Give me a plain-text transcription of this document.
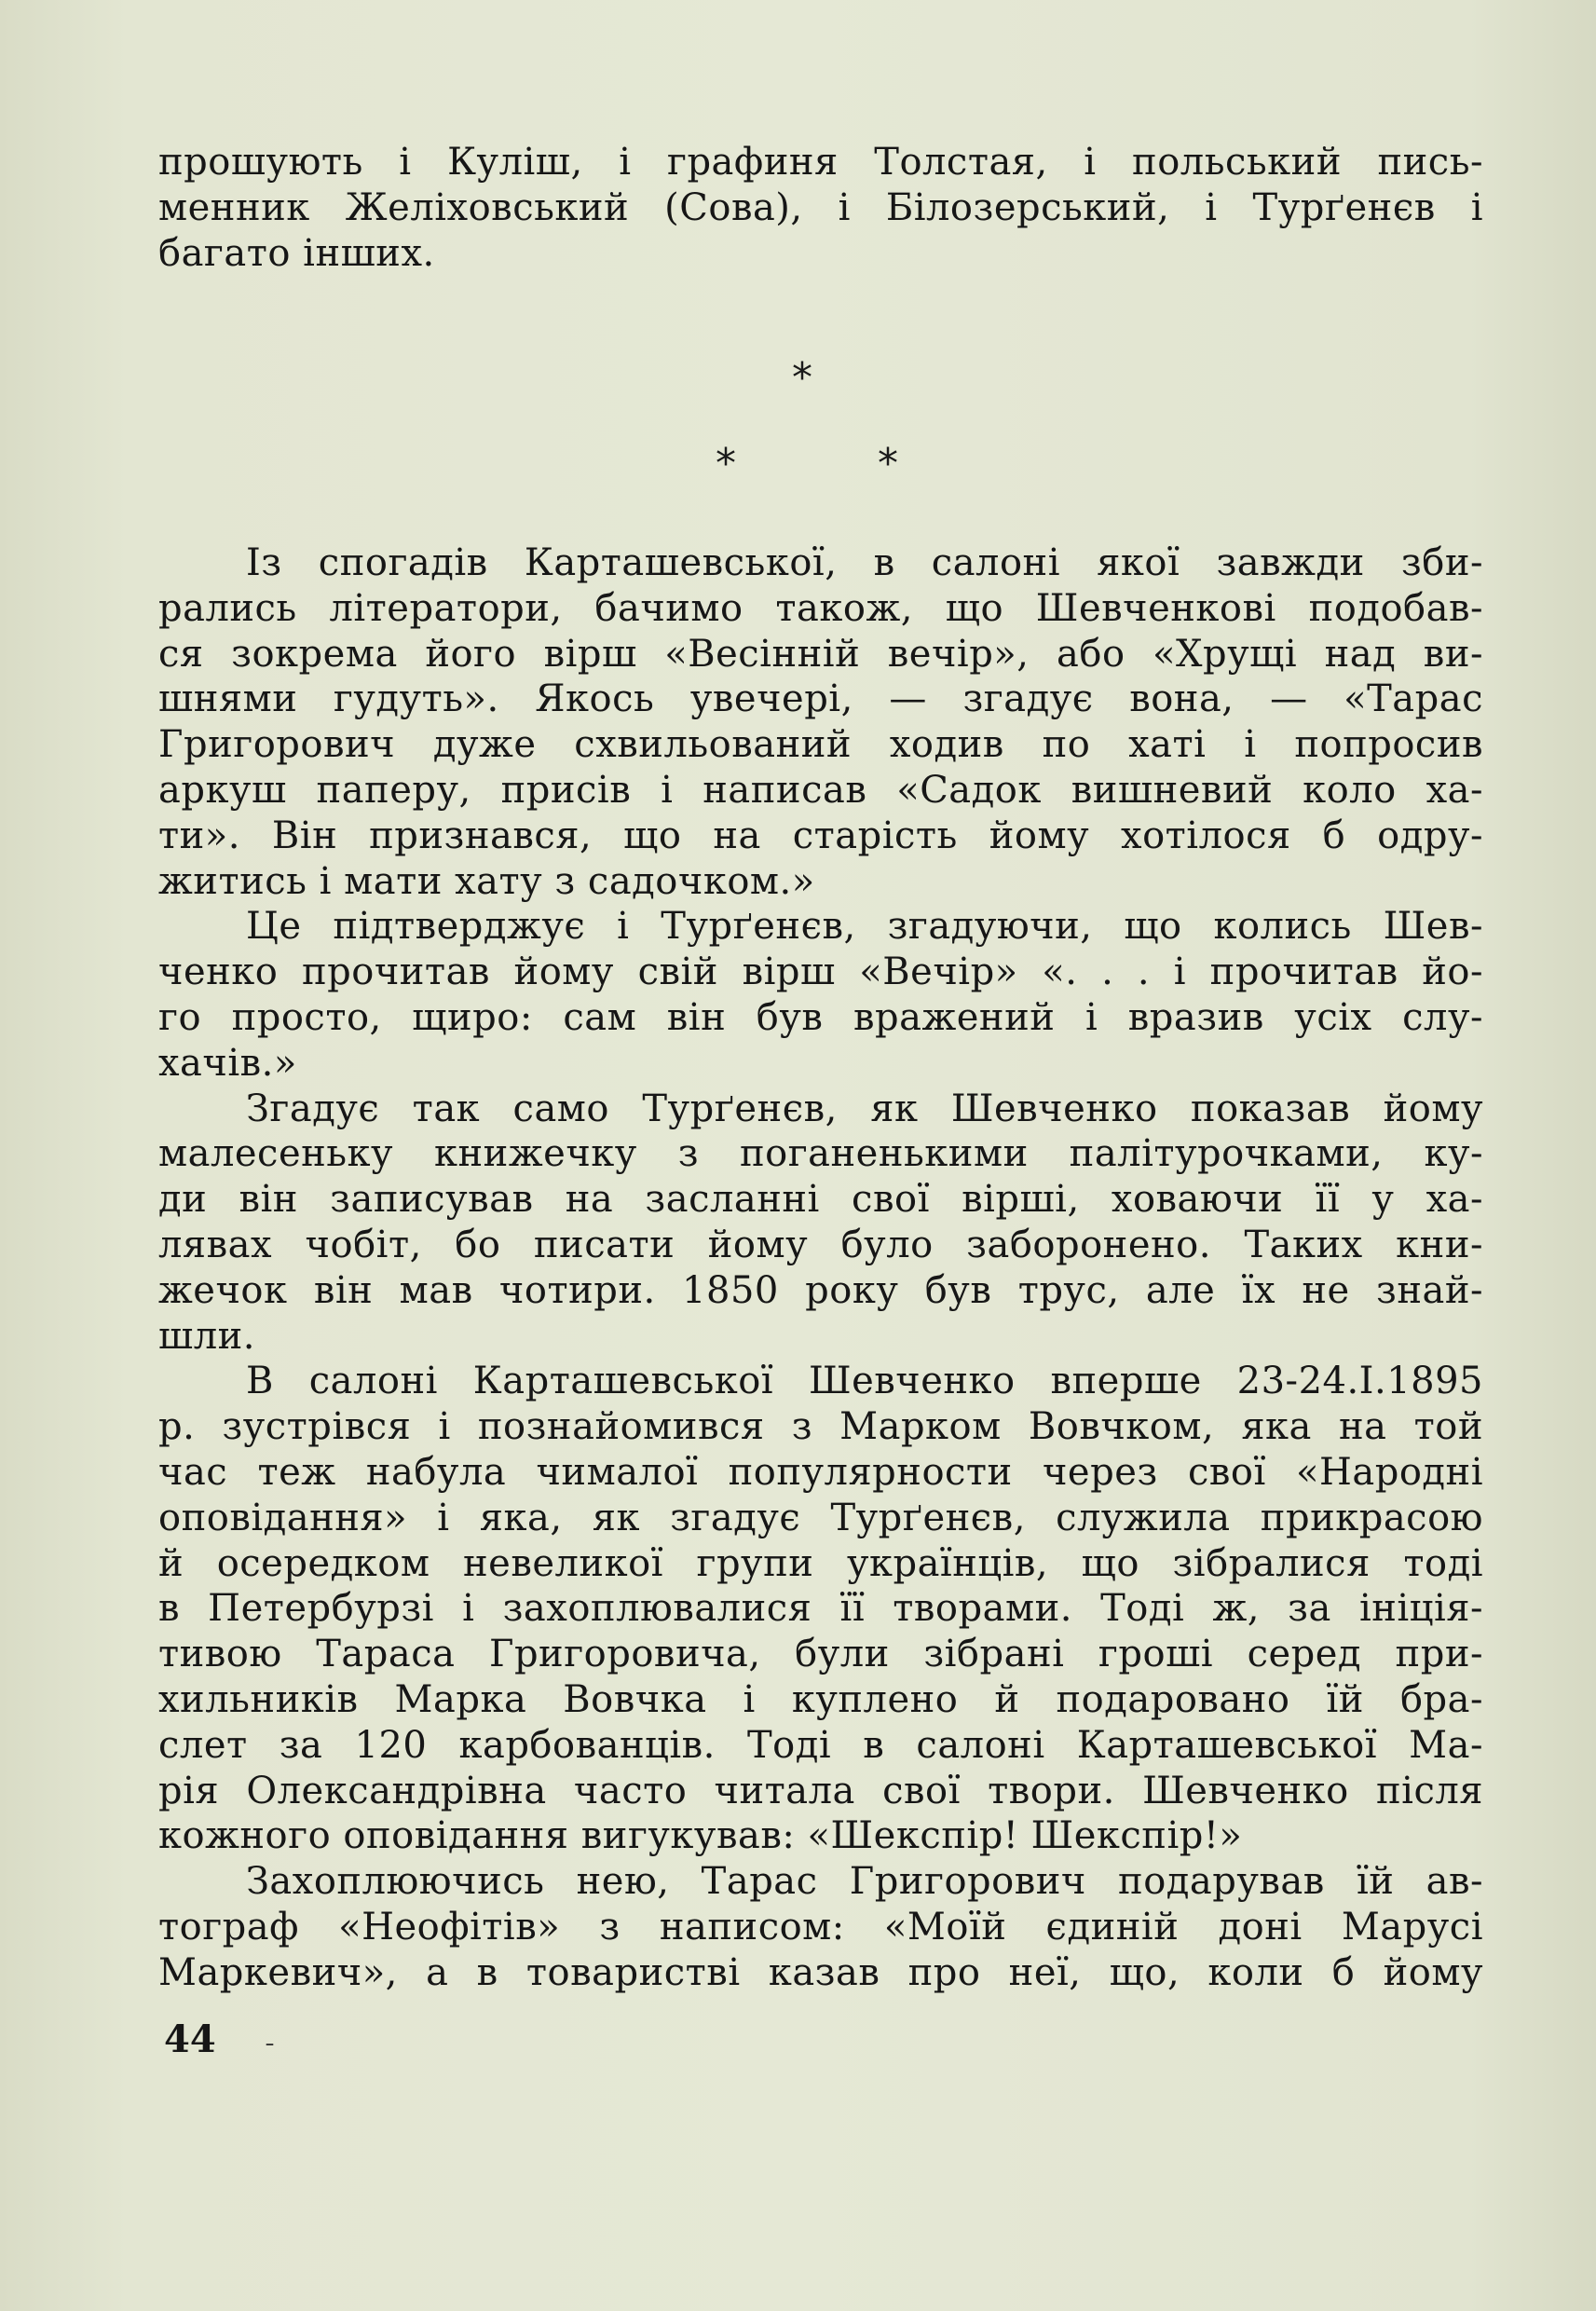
прошують і Куліш, і графиня Толстая, і польський пись-
менник Желіховський (Сова), і Білозерський, і Турґенєв і
багато інших.
*
*	*
Із спогадів Карташевської, в салоні якої завжди зби-
рались літератори, бачимо також, що Шевченкові подобав-
ся зокрема його вірш «Весінній вечір», або «Хрущі над ви-
шнями гудуть». Якось увечері, — згадує вона, — «Тарас
Григорович дуже схвильований ходив по хаті і попросив
аркуш паперу, присів і написав «Садок вишневий коло ха-
ти». Він признався, що на старість йому хотілося б одру-
житись і мати хату з садочком.»
Це підтверджує і Турґенєв, згадуючи, що колись Шев-
ченко прочитав йому свій вірш «Вечір» «. . . і прочитав йо-
го просто, щиро: сам він був вражений і вразив усіх слу-
хачів.»
Згадує так само Турґенєв, як Шевченко показав йому
малесеньку книжечку з поганенькими палітурочками, ку-
ди він записував на засланні свої вірші, ховаючи її у ха-
лявах чобіт, бо писати йому було заборонено. Таких кни-
жечок він мав чотири. 1850 року був трус, але їх не знай-
шли.
В салоні Карташевської Шевченко вперше 23-24.I.1895
р. зустрівся і познайомився з Марком Вовчком, яка на той
час теж набула чималої популярности через свої «Народні
оповідання» і яка, як згадує Турґенєв, служила прикрасою
й осередком невеликої групи українців, що зібралися тоді
в Петербурзі і захоплювалися її творами. Тоді ж, за ініція-
тивою Тараса Григоровича, були зібрані гроші серед при-
хильників Марка Вовчка і куплено й подаровано їй бра-
слет за 120 карбованців. Тоді в салоні Карташевської Ма-
рія Олександрівна часто читала свої твори. Шевченко після
кожного оповідання вигукував: «Шекспір! Шекспір!»
Захоплюючись нею, Тарас Григорович подарував їй ав-
тограф «Неофітів» з написом: «Моїй єдиній доні Марусі
Маркевич», а в товаристві казав про неї, що, коли б йому
44 ˍ
